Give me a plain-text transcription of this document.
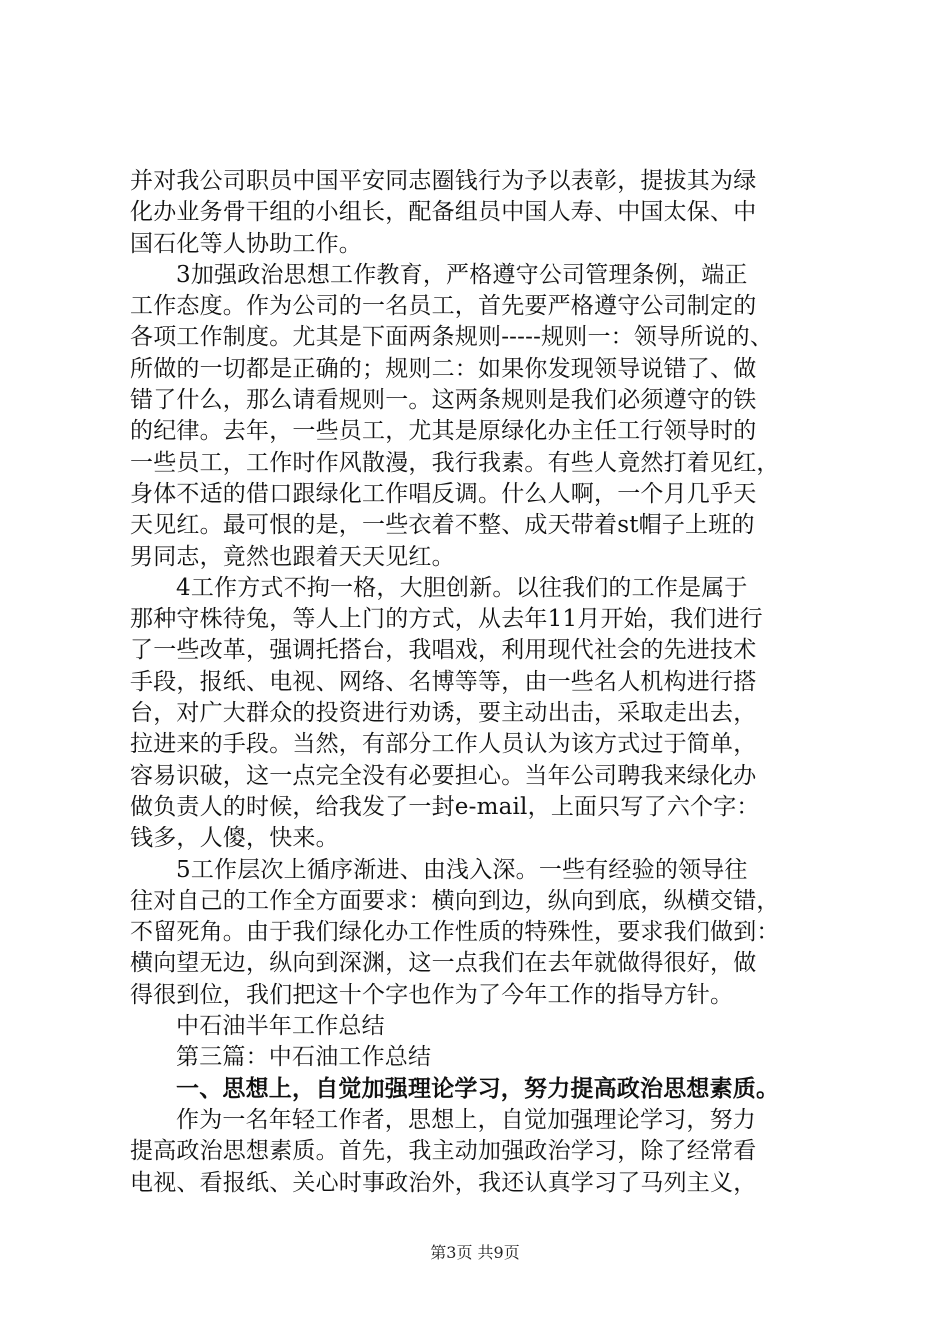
并对我公司职员中国平安同志圈钱行为予以表彰，提拔其为绿
化办业务骨干组的小组长，配备组员中国人寿、中国太保、中
国石化等人协助工作。
3加强政治思想工作教育，严格遵守公司管理条例，端正
工作态度。作为公司的一名员工，首先要严格遵守公司制定的
各项工作制度。尤其是下面两条规则-----规则一：领导所说的、
所做的一切都是正确的；规则二：如果你发现领导说错了、做
错了什么，那么请看规则一。这两条规则是我们必须遵守的铁
的纪律。去年，一些员工，尤其是原绿化办主任工行领导时的
一些员工，工作时作风散漫，我行我素。有些人竟然打着见红，
身体不适的借口跟绿化工作唱反调。什么人啊，一个月几乎天
天见红。最可恨的是，一些衣着不整、成天带着st帽子上班的
男同志，竟然也跟着天天见红。
4工作方式不拘一格，大胆创新。以往我们的工作是属于
那种守株待兔，等人上门的方式，从去年11月开始，我们进行
了一些改革，强调托搭台，我唱戏，利用现代社会的先进技术
手段，报纸、电视、网络、名博等等，由一些名人机构进行搭
台，对广大群众的投资进行劝诱，要主动出击，采取走出去，
拉进来的手段。当然，有部分工作人员认为该方式过于简单，
容易识破，这一点完全没有必要担心。当年公司聘我来绿化办
做负责人的时候，给我发了一封e-mail，上面只写了六个字：
钱多，人傻，快来。
5工作层次上循序渐进、由浅入深。一些有经验的领导往
往对自己的工作全方面要求：横向到边，纵向到底，纵横交错，
不留死角。由于我们绿化办工作性质的特殊性，要求我们做到：
横向望无边，纵向到深渊，这一点我们在去年就做得很好，做
得很到位，我们把这十个字也作为了今年工作的指导方针。
中石油半年工作总结
第三篇：中石油工作总结
一、思想上，自觉加强理论学习，努力提高政治思想素质。
作为一名年轻工作者，思想上，自觉加强理论学习，努力
提高政治思想素质。首先，我主动加强政治学习，除了经常看
电视、看报纸、关心时事政治外，我还认真学习了马列主义，
第3页 共9页
